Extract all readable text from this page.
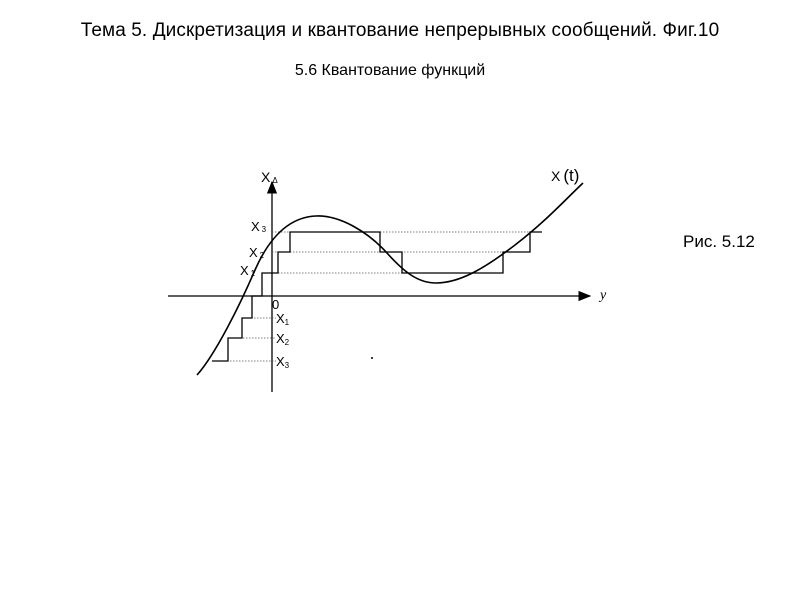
Тема 5. Дискретизация и квантование непрерывных сообщений. Фиг.10
5.6 Квантование функций
Рис. 5.12
X Δ
y
0
X (t)
X 3
X 2
X 1
X1
X2
X3
